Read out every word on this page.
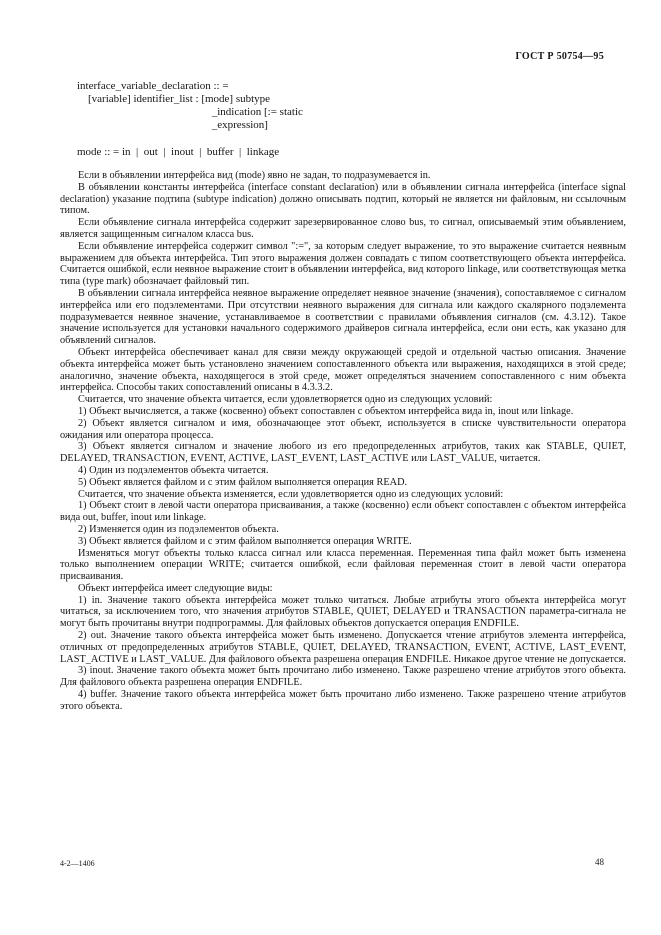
ГОСТ Р 50754—95
interface_variable_declaration :: =
[variable] identifier_list : [mode] subtype
_indication [:= static
_expression]
mode :: = in  |  out  |  inout  |  buffer  |  linkage

Если в объявлении интерфейса вид (mode) явно не задан, то подразумевается in.

В объявлении константы интерфейса (interface constant declaration) или в объявлении сигнала интерфейса (interface signal declaration) указание подтипа (subtype indication) должно описывать подтип, который не является ни файловым, ни ссылочным типом.

Если объявление сигнала интерфейса содержит зарезервированное слово bus, то сигнал, описываемый этим объявлением, является защищенным сигналом класса bus.

Если объявление интерфейса содержит символ ":=", за которым следует выражение, то это выражение считается неявным выражением для объекта интерфейса. Тип этого выражения должен совпадать с типом соответствующего объекта интерфейса. Считается ошибкой, если неявное выражение стоит в объявлении интерфейса, вид которого linkage, или соответствующая метка типа (type mark) обозначает файловый тип.

В объявлении сигнала интерфейса неявное выражение определяет неявное значение (значения), сопоставляемое с сигналом интерфейса или его подэлементами. При отсутствии неявного выражения для сигнала или каждого скалярного подэлемента подразумевается неявное значение, устанавливаемое в соответствии с правилами объявления сигналов (см. 4.3.12). Такое значение используется для установки начального содержимого драйверов сигнала интерфейса, если они есть, как указано для объявлений сигналов.

Объект интерфейса обеспечивает канал для связи между окружающей средой и отдельной частью описания. Значение объекта интерфейса может быть установлено значением сопоставленного объекта или выражения, находящихся в этой среде; аналогично, значение объекта, находящегося в этой среде, может определяться значением сопоставленного с ним объекта интерфейса. Способы таких сопоставлений описаны в 4.3.3.2.

Считается, что значение объекта читается, если удовлетворяется одно из следующих условий:

1) Объект вычисляется, а также (косвенно) объект сопоставлен с объектом интерфейса вида in, inout или linkage.

2) Объект является сигналом и имя, обозначающее этот объект, используется в списке чувствительности оператора ожидания или оператора процесса.

3) Объект является сигналом и значение любого из его предопределенных атрибутов, таких как STABLE, QUIET, DELAYED, TRANSACTION, EVENT, ACTIVE, LAST_EVENT, LAST_ACTIVE или LAST_VALUE, читается.

4) Один из подэлементов объекта читается.

5) Объект является файлом и с этим файлом выполняется операция READ.

Считается, что значение объекта изменяется, если удовлетворяется одно из следующих условий:

1) Объект стоит в левой части оператора присваивания, а также (косвенно) если объект сопоставлен с объектом интерфейса вида out, buffer, inout или linkage.

2) Изменяется один из подэлементов объекта.

3) Объект является файлом и с этим файлом выполняется операция WRITE.

Изменяться могут объекты только класса сигнал или класса переменная. Переменная типа файл может быть изменена только выполнением операции WRITE; считается ошибкой, если файловая переменная стоит в левой части оператора присваивания.

Объект интерфейса имеет следующие виды:

1) in. Значение такого объекта интерфейса может только читаться. Любые атрибуты этого объекта интерфейса могут читаться, за исключением того, что значения атрибутов STABLE, QUIET, DELAYED и TRANSACTION параметра-сигнала не могут быть прочитаны внутри подпрограммы. Для файловых объектов допускается операция ENDFILE.

2) out. Значение такого объекта интерфейса может быть изменено. Допускается чтение атрибутов элемента интерфейса, отличных от предопределенных атрибутов STABLE, QUIET, DELAYED, TRANSACTION, EVENT, ACTIVE, LAST_EVENT, LAST_ACTIVE и LAST_VALUE. Для файлового объекта разрешена операция ENDFILE. Никакое другое чтение не допускается.

3) inout. Значение такого объекта может быть прочитано либо изменено. Также разрешено чтение атрибутов этого объекта. Для файлового объекта разрешена операция ENDFILE.

4) buffer. Значение такого объекта интерфейса может быть прочитано либо изменено. Также разрешено чтение атрибутов этого объекта.

4-2—1406	48
